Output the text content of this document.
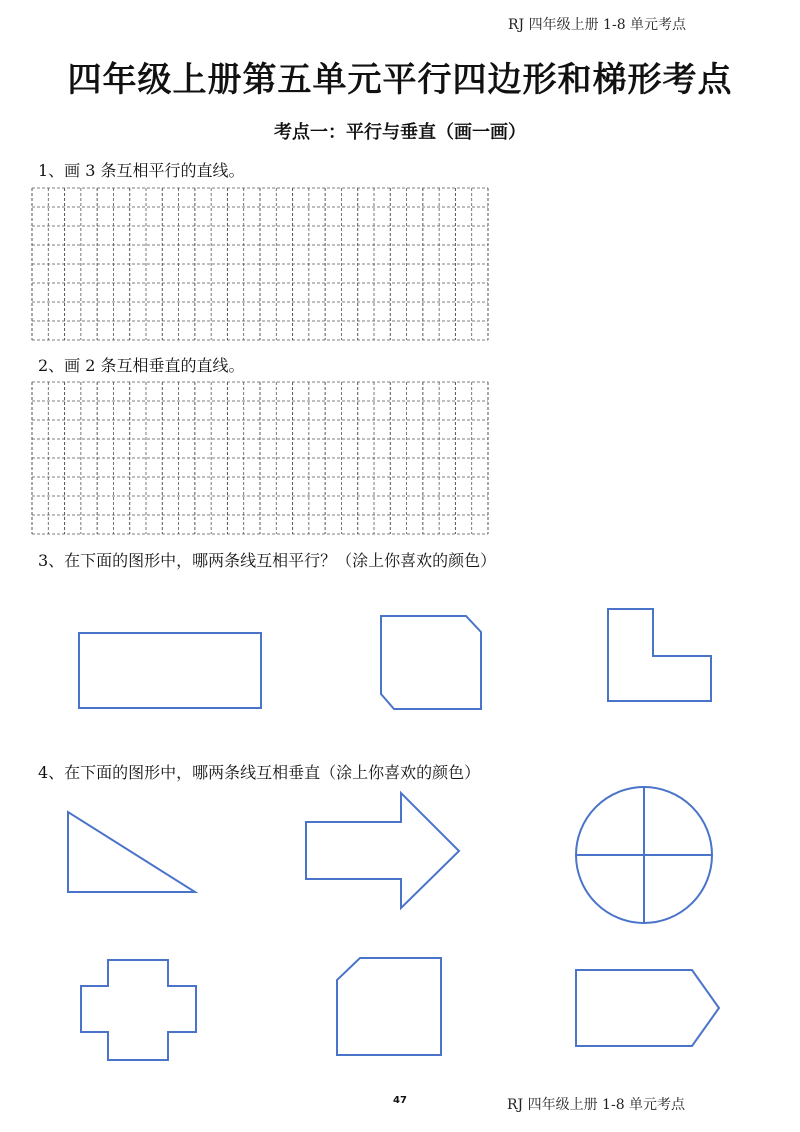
RJ 四年级上册 1-8 单元考点
四年级上册第五单元平行四边形和梯形考点
考点一：平行与垂直（画一画）
1、画 3 条互相平行的直线。
2、画 2 条互相垂直的直线。
3、在下面的图形中，哪两条线互相平行？（涂上你喜欢的颜色）
4、在下面的图形中，哪两条线互相垂直（涂上你喜欢的颜色）
47	RJ 四年级上册 1-8 单元考点
